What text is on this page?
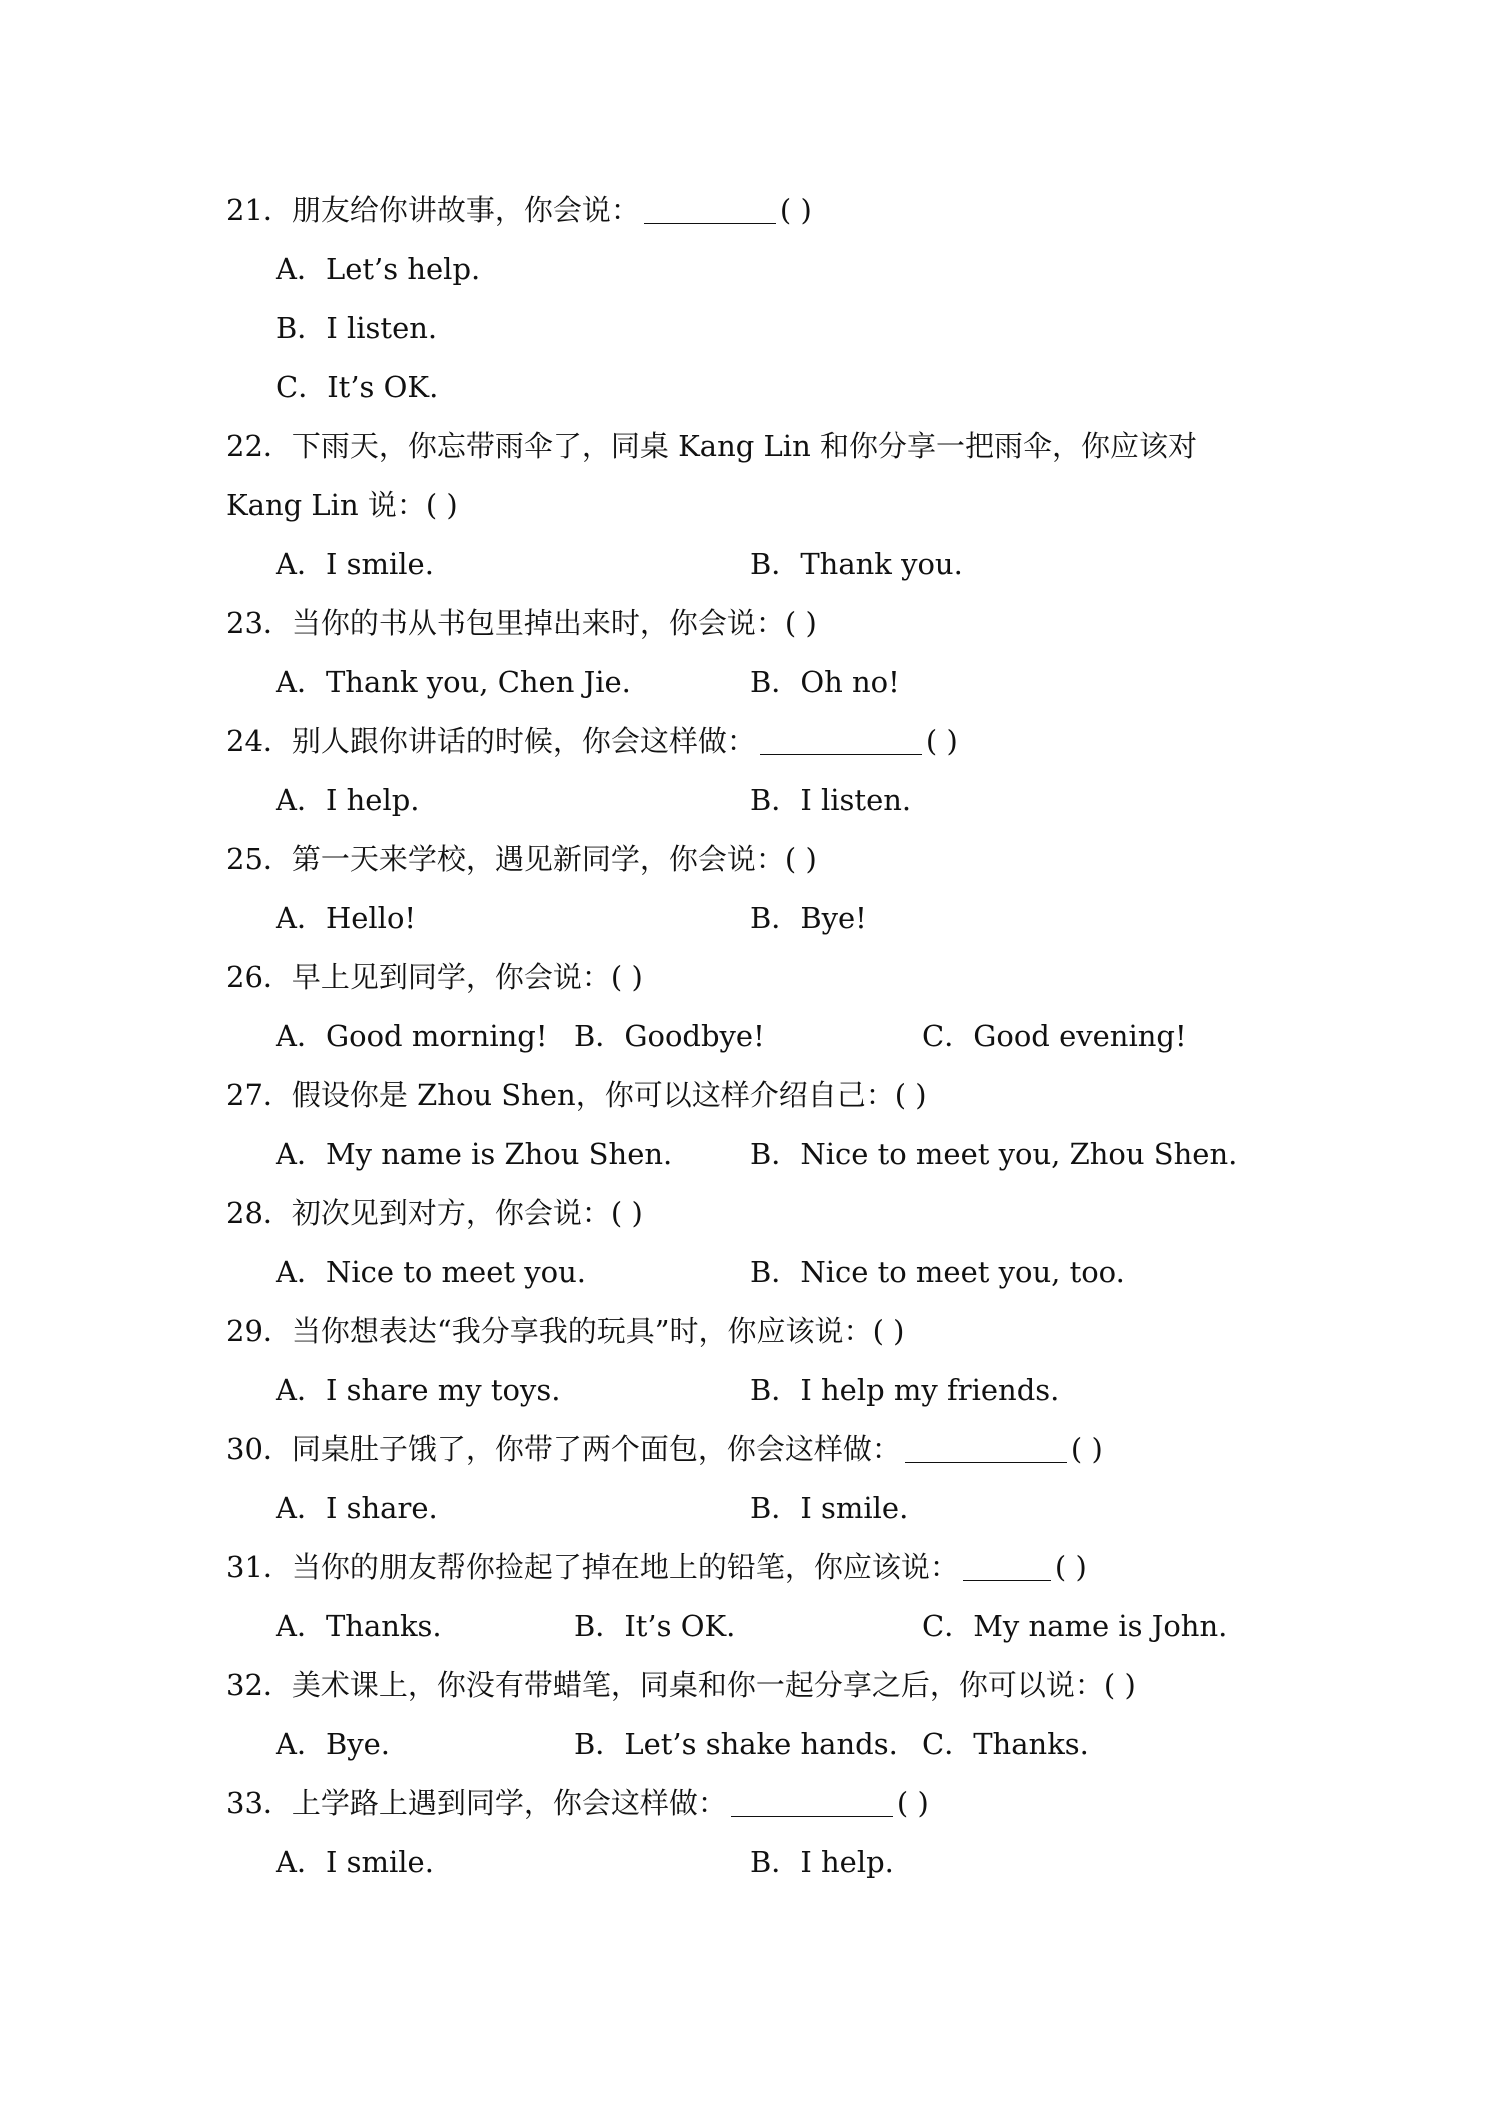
21．朋友给你讲故事，你会说：	( )
A．Let’s help.
B．I listen.
C．It’s OK.
22．下雨天，你忘带雨伞了，同桌 Kang Lin 和你分享一把雨伞，你应该对 Kang Lin 说：( )
A．I smile.	B．Thank you.
23．当你的书从书包里掉出来时，你会说：( )
A．Thank you, Chen Jie.	B．Oh no!
24．别人跟你讲话的时候，你会这样做：	( )
A．I help.	B．I listen.
25．第一天来学校，遇见新同学，你会说：( )
A．Hello!	B．Bye!
26．早上见到同学，你会说：( )
A．Good morning! B．Goodbye!	C．Good evening!
27．假设你是 Zhou Shen，你可以这样介绍自己：( )
A．My name is Zhou Shen.	B．Nice to meet you, Zhou Shen.
28．初次见到对方，你会说：( )
A．Nice to meet you.	B．Nice to meet you, too.
29．当你想表达“我分享我的玩具”时，你应该说：( )
A．I share my toys.	B．I help my friends.
30．同桌肚子饿了，你带了两个面包，你会这样做：	( )
A．I share.	B．I smile.
31．当你的朋友帮你捡起了掉在地上的铅笔，你应该说：	( )
A．Thanks.	B．It’s OK.	C．My name is John.
32．美术课上，你没有带蜡笔，同桌和你一起分享之后，你可以说：( )
A．Bye.	B．Let’s shake hands. C．Thanks.
33．上学路上遇到同学，你会这样做：	( )
A．I smile.	B．I help.
